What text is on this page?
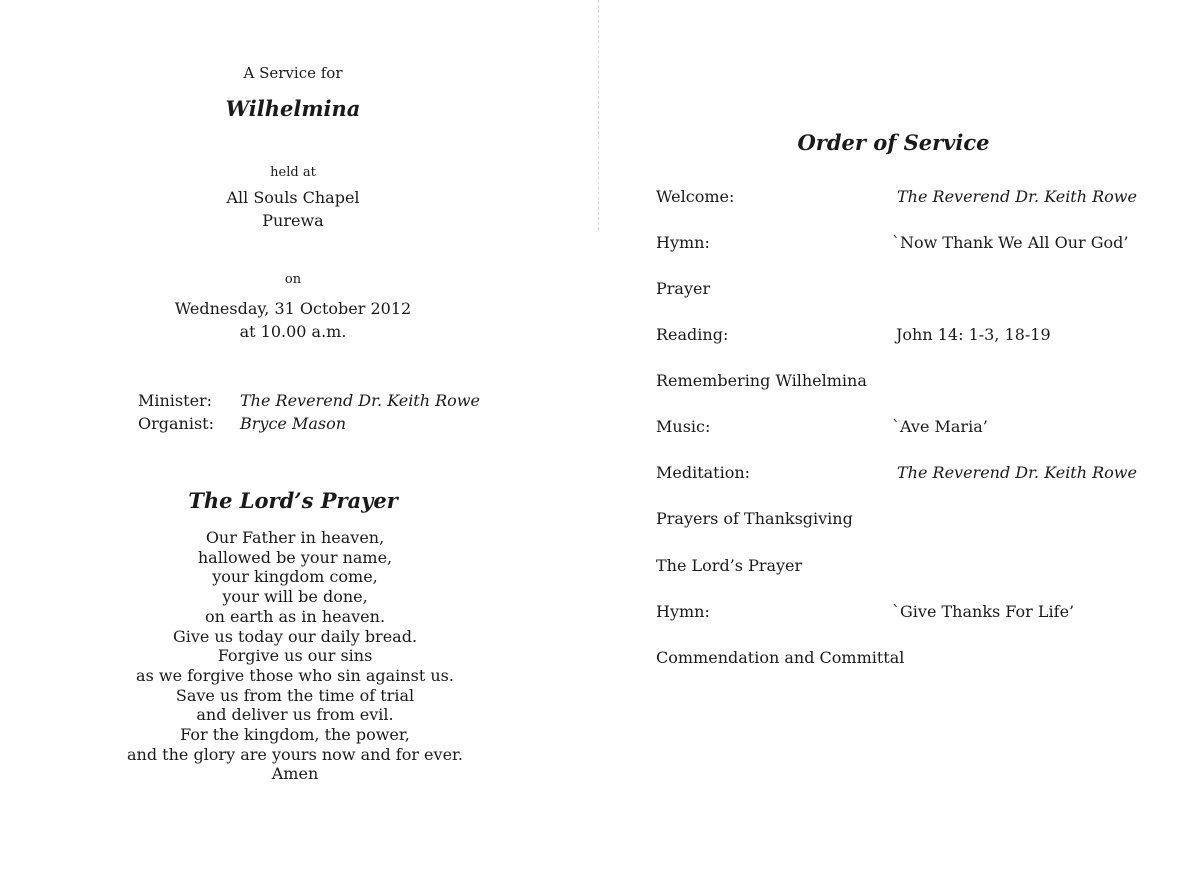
A Service for
Wilhelmina
held at
All Souls Chapel
Purewa
on
Wednesday, 31 October 2012
at 10.00 a.m.
Minister: The Reverend Dr. Keith Rowe
Organist: Bryce Mason
The Lord’s Prayer
Our Father in heaven,
hallowed be your name,
your kingdom come,
your will be done,
on earth as in heaven.
Give us today our daily bread.
Forgive us our sins
as we forgive those who sin against us.
Save us from the time of trial
and deliver us from evil.
For the kingdom, the power,
and the glory are yours now and for ever.
Amen
Order of Service
Welcome:	The Reverend Dr. Keith Rowe
Hymn:	`Now Thank We All Our God’
Prayer
Reading:	John 14: 1-3, 18-19
Remembering Wilhelmina
Music:	`Ave Maria’
Meditation:	The Reverend Dr. Keith Rowe
Prayers of Thanksgiving
The Lord’s Prayer
Hymn:	`Give Thanks For Life’
Commendation and Committal
